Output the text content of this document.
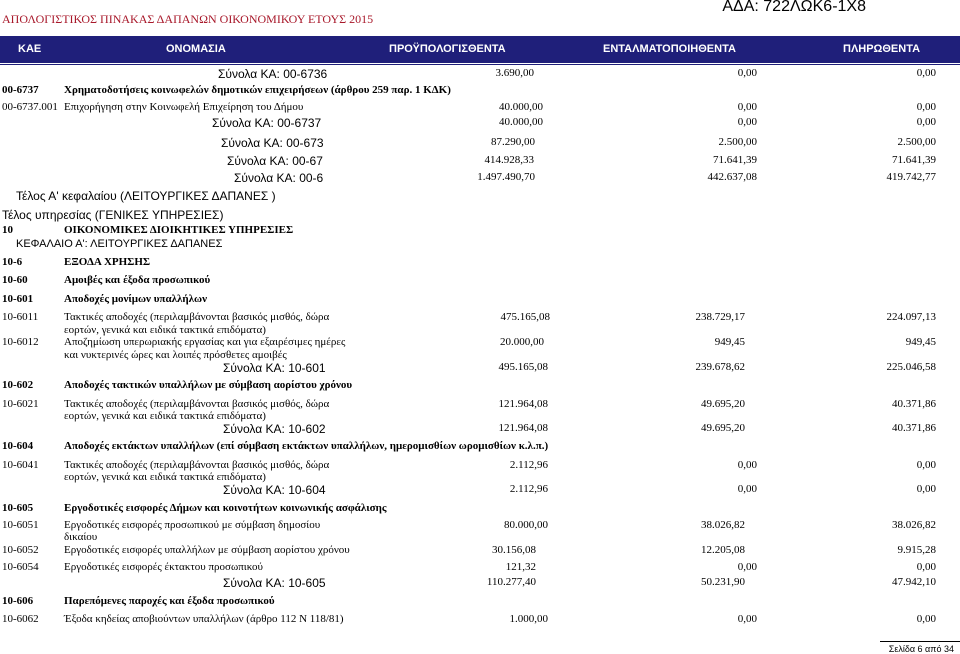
ΑΠΟΛΟΓΙΣΤΙΚΟΣ ΠΙΝΑΚΑΣ ΔΑΠΑΝΩΝ ΟΙΚΟΝΟΜΙΚΟΥ ΕΤΟΥΣ 2015
ΑΔΑ: 722ΛΩΚ6-1Χ8
ΚΑΕ	ΟΝΟΜΑΣΙΑ	ΠΡΟΫΠΟΛΟΓΙΣΘΕΝΤΑ	ΕΝΤΑΛΜΑΤΟΠΟΙΗΘΕΝΤΑ	ΠΛΗΡΩΘΕΝΤΑ
Σύνολα ΚΑ: 00-6736	3.690,00	0,00	0,00
00-6737 Χρηματοδοτήσεις κοινωφελών δημοτικών επιχειρήσεων (άρθρου 259 παρ. 1 ΚΔΚ)
00-6737.001 Επιχορήγηση στην Κοινωφελή Επιχείρηση του Δήμου	40.000,00	0,00	0,00
Σύνολα ΚΑ: 00-6737	40.000,00	0,00	0,00
Σύνολα ΚΑ: 00-673	87.290,00	2.500,00	2.500,00
Σύνολα ΚΑ: 00-67	414.928,33	71.641,39	71.641,39
Σύνολα ΚΑ: 00-6	1.497.490,70	442.637,08	419.742,77
Τέλος Α' κεφαλαίου (ΛΕΙΤΟΥΡΓΙΚΕΣ ΔΑΠΑΝΕΣ )
Τέλος υπηρεσίας (ΓΕΝΙΚΕΣ ΥΠΗΡΕΣΙΕΣ)
10	ΟΙΚΟΝΟΜΙΚΕΣ ΔΙΟΙΚΗΤΙΚΕΣ ΥΠΗΡΕΣΙΕΣ
ΚΕΦΑΛΑΙΟ Α': ΛΕΙΤΟΥΡΓΙΚΕΣ ΔΑΠΑΝΕΣ
10-6	ΕΞΟΔΑ ΧΡΗΣΗΣ
10-60	Αμοιβές και έξοδα προσωπικού
10-601	Αποδοχές μονίμων υπαλλήλων
10-6011 Τακτικές αποδοχές (περιλαμβάνονται βασικός μισθός, δώρα
εορτών, γενικά και ειδικά τακτικά επιδόματα)
475.165,08	238.729,17	224.097,13
10-6012 Αποζημίωση υπερωριακής εργασίας και για εξαιρέσιμες ημέρες
και νυκτερινές ώρες και λοιπές πρόσθετες αμοιβές
20.000,00	949,45	949,45
Σύνολα ΚΑ: 10-601	495.165,08	239.678,62	225.046,58
10-602	Αποδοχές τακτικών υπαλλήλων με σύμβαση αορίστου χρόνου
10-6021 Τακτικές αποδοχές (περιλαμβάνονται βασικός μισθός, δώρα
εορτών, γενικά και ειδικά τακτικά επιδόματα)
121.964,08	49.695,20	40.371,86
Σύνολα ΚΑ: 10-602	121.964,08	49.695,20	40.371,86
10-604	Αποδοχές εκτάκτων υπαλλήλων (επί σύμβαση εκτάκτων υπαλλήλων, ημερομισθίων ωρομισθίων κ.λ.π.)
10-6041 Τακτικές αποδοχές (περιλαμβάνονται βασικός μισθός, δώρα
εορτών, γενικά και ειδικά τακτικά επιδόματα)
2.112,96	0,00	0,00
Σύνολα ΚΑ: 10-604	2.112,96	0,00	0,00
10-605	Εργοδοτικές εισφορές Δήμων και κοινοτήτων κοινωνικής ασφάλισης
10-6051 Εργοδοτικές εισφορές προσωπικού με σύμβαση δημοσίου
δικαίου
80.000,00	38.026,82	38.026,82
10-6052 Εργοδοτικές εισφορές υπαλλήλων με σύμβαση αορίστου χρόνου	30.156,08	12.205,08	9.915,28
10-6054 Εργοδοτικές εισφορές έκτακτου προσωπικού	121,32	0,00	0,00
Σύνολα ΚΑ: 10-605	110.277,40	50.231,90	47.942,10
10-606	Παρεπόμενες παροχές και έξοδα προσωπικού
10-6062 Έξοδα κηδείας αποβιούντων υπαλλήλων (άρθρο 112 Ν 118/81)	1.000,00	0,00	0,00
Σελίδα 6 από 34
